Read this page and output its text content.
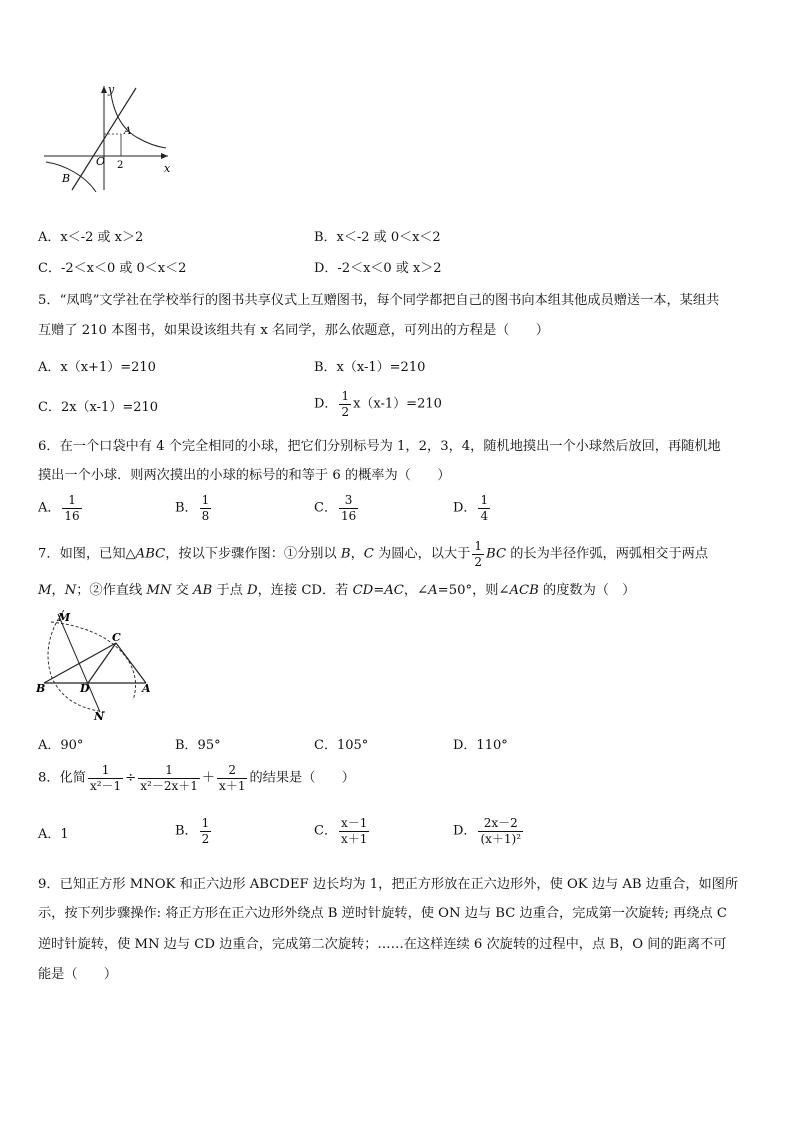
y
x
O
A
B
2
A．x＜-2 或 x＞2	B．x＜-2 或 0＜x＜2
C．-2＜x＜0 或 0＜x＜2	D．-2＜x＜0 或 x＞2
5．“凤鸣”文学社在学校举行的图书共享仪式上互赠图书，每个同学都把自己的图书向本组其他成员赠送一本，某组共
互赠了 210 本图书，如果设该组共有 x 名同学，那么依题意，可列出的方程是（　　）
A．x（x+1）=210	B．x（x-1）=210
C．2x（x-1）=210	D． $\frac{1}{2} x(x-1)=210$
6．在一个口袋中有 4 个完全相同的小球，把它们分别标号为 1，2，3，4，随机地摸出一个小球然后放回，再随机地
摸出一个小球．则两次摸出的小球的标号的和等于 6 的概率为（　　）
A． $\frac{1}{16}$	B． $\frac{1}{8}$	C． $\frac{3}{16}$	D． $\frac{1}{4}$
7．如图，已知△ABC，按以下步骤作图：①分别以 B，C 为圆心，以大于 $\frac{1}{2}$ BC 的长为半径作弧，两弧相交于两点
M，N；②作直线 MN 交 AB 于点 D，连接 CD．若 CD=AC，∠A=50°，则∠ACB 的度数为（　）
M
C
B	D	A
N
A．90°	B．95°	C．105°	D．110°
8．化简 $\frac{1}{\text{x²－1}} \div \frac{1}{\text{x²－2x＋1}} + \frac{2}{x+1}$ 的结果是（　　）
A．1	B． $\frac{1}{2}$	C． $\frac{x-1}{x+1}$	D． $\frac{2x-2}{\text{(x＋1)²}}$
9．已知正方形 MNOK 和正六边形 ABCDEF 边长均为 1，把正方形放在正六边形外，使 OK 边与 AB 边重合，如图所
示，按下列步骤操作: 将正方形在正六边形外绕点 B 逆时针旋转，使 ON 边与 BC 边重合，完成第一次旋转; 再绕点 C
逆时针旋转，使 MN 边与 CD 边重合，完成第二次旋转；……在这样连续 6 次旋转的过程中，点 B，O 间的距离不可
能是（　　）
